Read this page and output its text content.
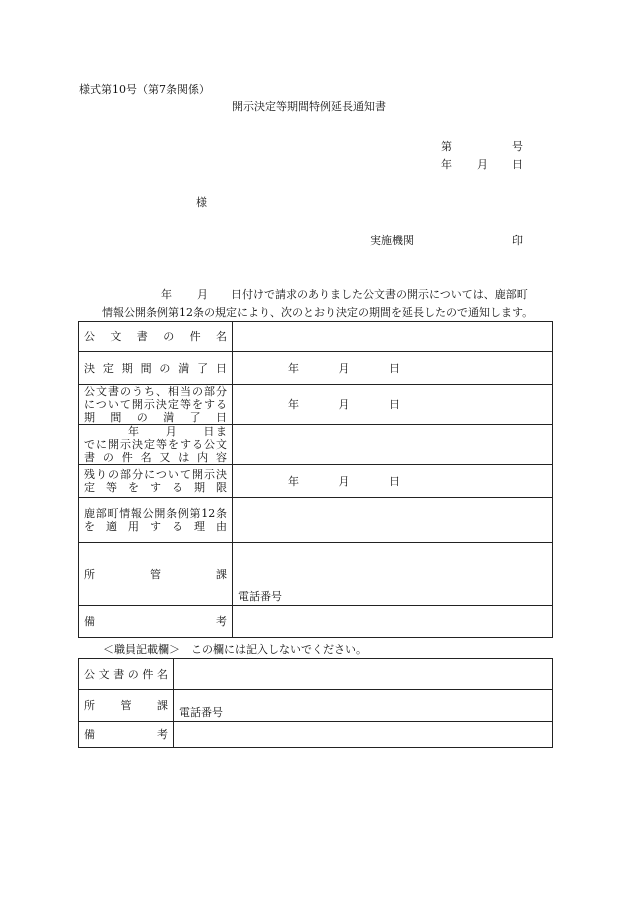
様式第10号（第7条関係）
開示決定等期間特例延長通知書
第	号
年 月 日
様
実施機関	印
年 月 日付けで請求のありました公文書の開示については、鹿部町
情報公開条例第12条の規定により、次のとおり決定の期間を延長したので通知します。
公　文　書　の　件　名	

決定期間の満了日	年 月 日

公文書のうち、相当の部分
について開示決定等をする
期　間　の　満　了　日	年 月 日

年　　月　　日ま
でに開示決定等をする公文
書の件名又は内容	

残りの部分について開示決
定等をする期限	年 月 日

鹿部町情報公開条例第12条
を適用する理由	

所　　　管　　　課	電話番号

備　　　　　　　考	

＜職員記載欄＞　この欄には記入しないでください。
公文書の件名	

所　　管　　課	電話番号

備　　　　　考	
